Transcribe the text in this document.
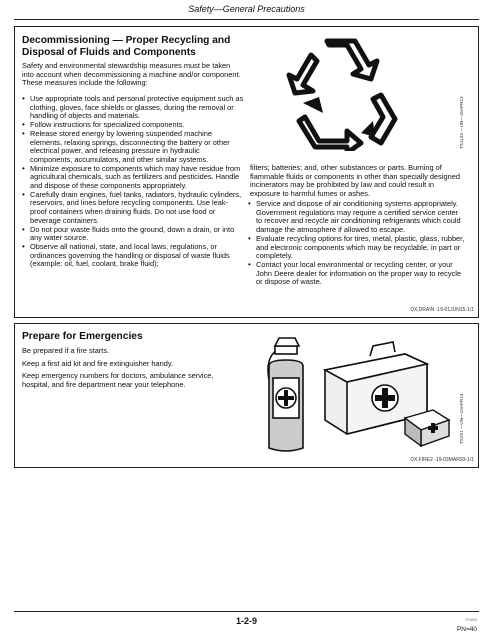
Safety—General Precautions
Decommissioning — Proper Recycling and
Disposal of Fluids and Components

Safety and environmental stewardship measures must be taken into account when decommissioning a machine and/or component. These measures include the following:

• Use appropriate tools and personal protective equipment such as clothing, gloves, face shields or glasses, during the removal or handling of objects and materials.
• Follow instructions for specialized components.
• Release stored energy by lowering suspended machine elements, relaxing springs, disconnecting the battery or other electrical power, and releasing pressure in hydraulic components, accumulators, and other similar systems.
• Minimize exposure to components which may have residue from agricultural chemicals, such as fertilizers and pesticides. Handle and dispose of these components appropriately.
• Carefully drain engines, fuel tanks, radiators, hydraulic cylinders, reservoirs, and lines before recycling components. Use leak-proof containers when draining fluids. Do not use food or beverage containers.
• Do not pour waste fluids onto the ground, down a drain, or into any water source.
• Observe all national, state, and local laws, regulations, or ordinances governing the handling or disposal of waste fluids (example: oil, fuel, coolant, brake fluid);
TS1133 —UN—15APR13

filters; batteries; and, other substances or parts. Burning of flammable fluids or components in other than specially designed incinerators may be prohibited by law and could result in exposure to harmful fumes or ashes.

• Service and dispose of air conditioning systems appropriately. Government regulations may require a certified service center to recover and recycle air conditioning refrigerants which could damage the atmosphere if allowed to escape.
• Evaluate recycling options for tires, metal, plastic, glass, rubber, and electronic components which may be recyclable, in part or completely.
• Contact your local environmental or recycling center, or your John Deere dealer for information on the proper way to recycle or dispose of waste.
DX,DRAIN -19-01JUN15-1/1
Prepare for Emergencies

Be prepared if a fire starts.

Keep a first aid kit and fire extinguisher handy.

Keep emergency numbers for doctors, ambulance service, hospital, and fire department near your telephone.

TS291 —UN—15APR13
DX,FIRE2 -19-03MAR93-1/1
1-2-9	071024
PN=40
